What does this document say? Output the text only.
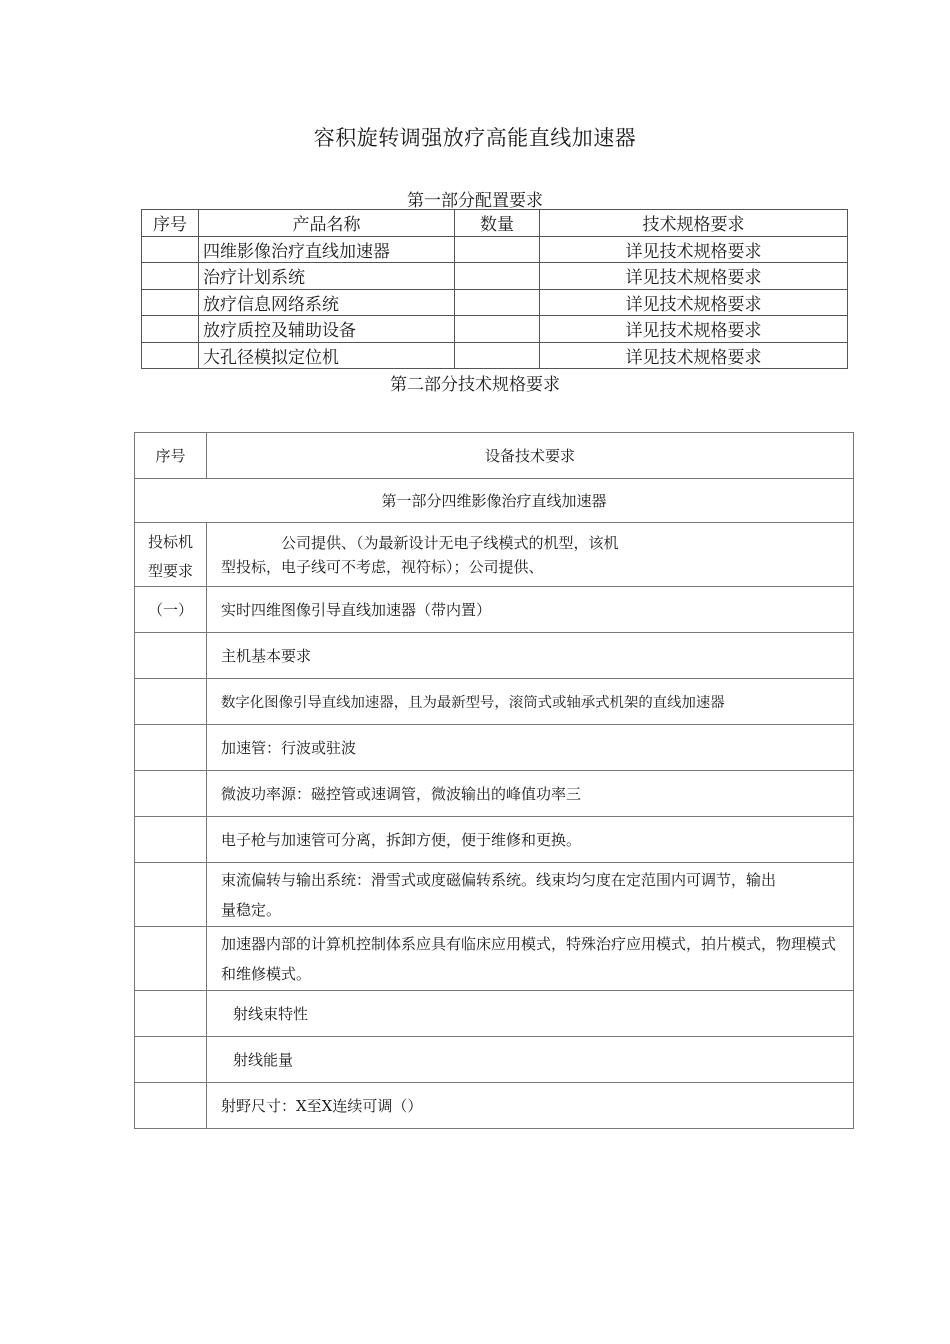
容积旋转调强放疗高能直线加速器
第一部分配置要求
序号	产品名称	数量	技术规格要求
	四维影像治疗直线加速器		详见技术规格要求
	治疗计划系统		详见技术规格要求
	放疗信息网络系统		详见技术规格要求
	放疗质控及辅助设备		详见技术规格要求
	大孔径模拟定位机		详见技术规格要求
第二部分技术规格要求
序号	设备技术要求
第一部分四维影像治疗直线加速器	
投标机型要求	公司提供、（为最新设计无电子线模式的机型，该机
型投标，电子线可不考虑，视符标）；公司提供、

（一）	实时四维图像引导直线加速器（带内置）
	主机基本要求
	数字化图像引导直线加速器，且为最新型号，滚筒式或轴承式机架的直线加速器
	加速管：行波或驻波
	微波功率源：磁控管或速调管，微波输出的峰值功率三
	电子枪与加速管可分离，拆卸方便，便于维修和更换。
	束流偏转与输出系统：滑雪式或度磁偏转系统。线束均匀度在定范围内可调节，输出量稳定。
	加速器内部的计算机控制体系应具有临床应用模式，特殊治疗应用模式，拍片模式，物理模式和维修模式。
	射线束特性
	射线能量
	射野尺寸：X至X连续可调（）
